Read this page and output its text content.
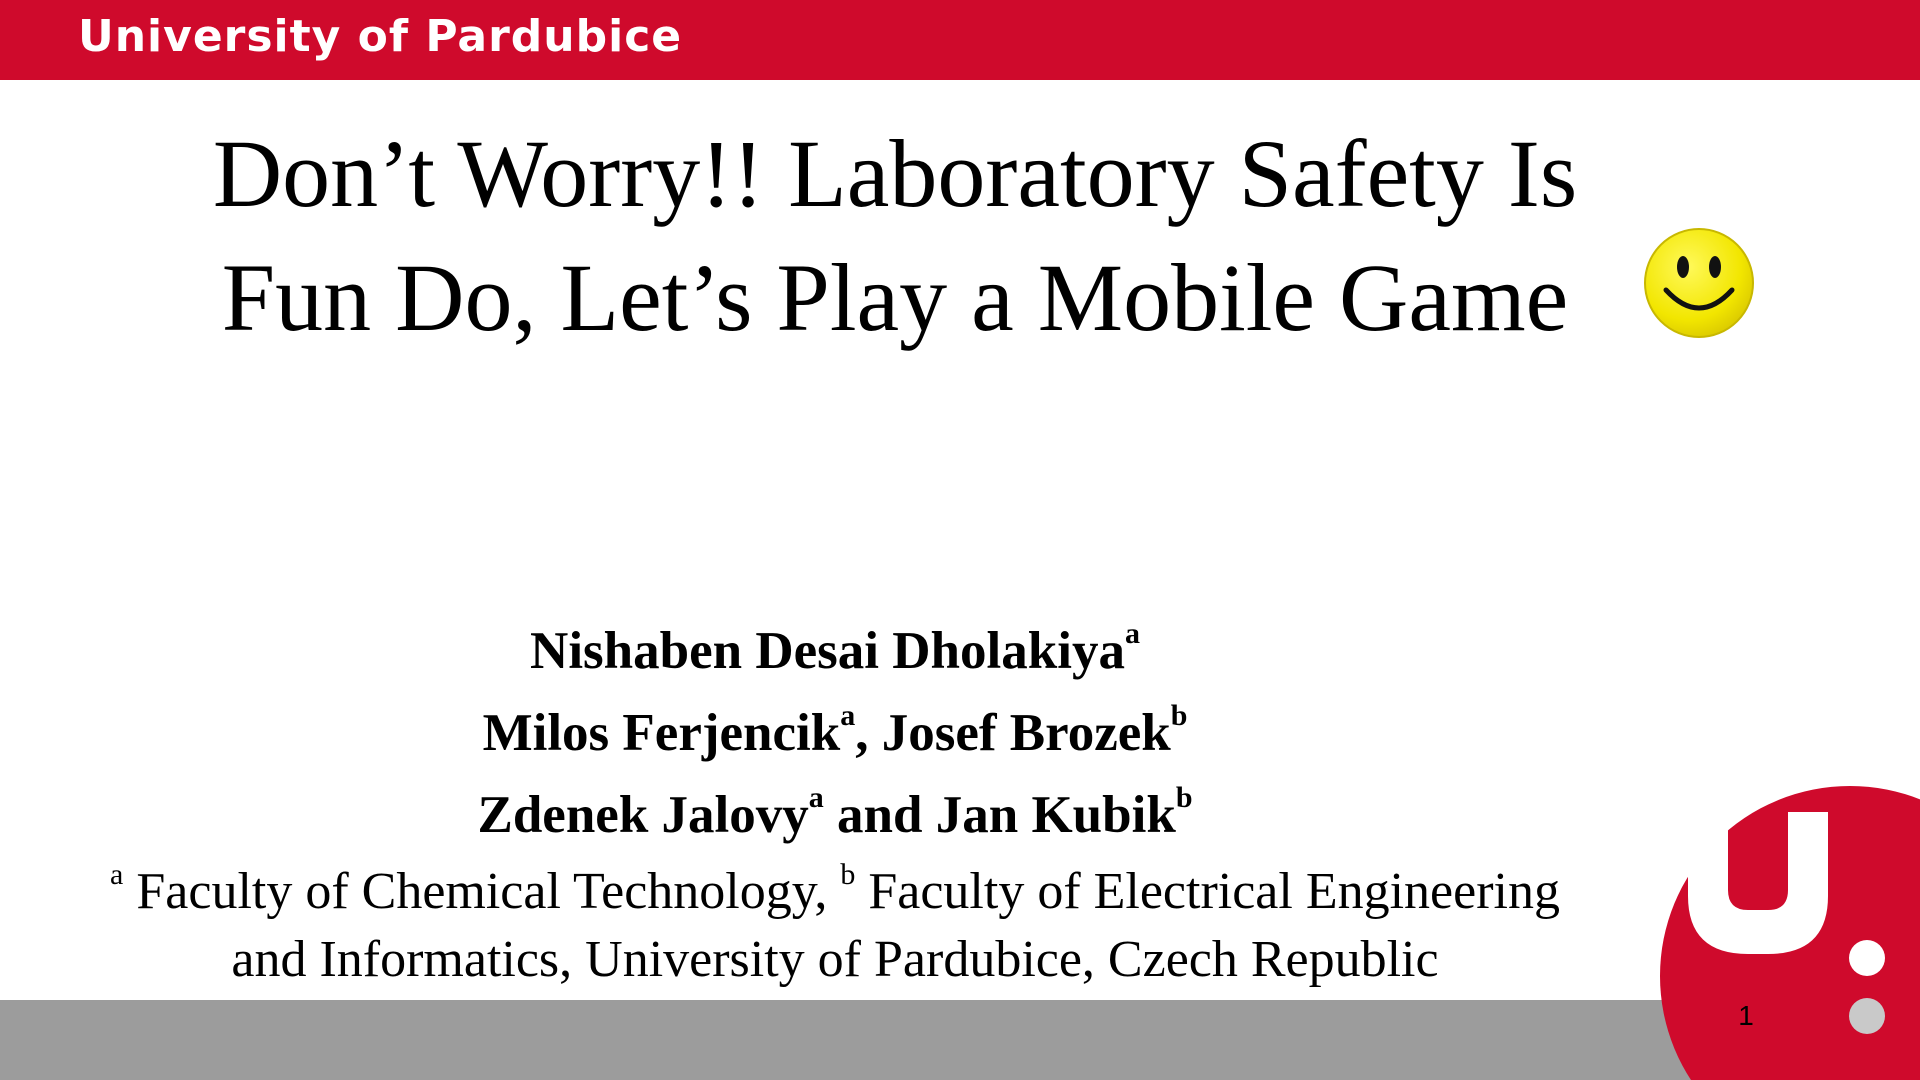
University of Pardubice
Don’t Worry!! Laboratory Safety Is
Fun Do, Let’s Play a Mobile Game
Nishaben Desai Dholakiya$^a$
Milos Ferjencik$^a$, Josef Brozek$^b$
Zdenek Jalovy$^a$ and Jan Kubik$^b$
$^a$ Faculty of Chemical Technology, $^b$ Faculty of Electrical Engineering
and Informatics, University of Pardubice, Czech Republic
1
